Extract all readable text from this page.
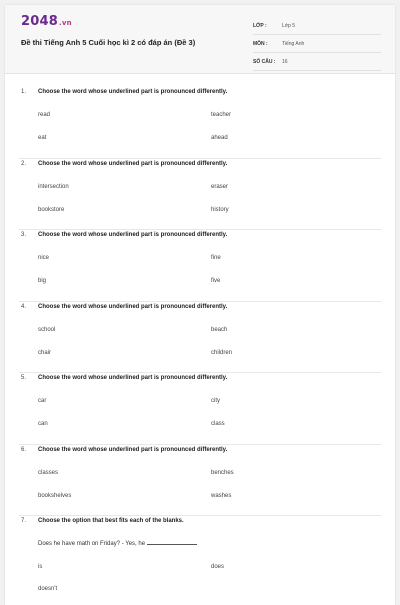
2048.vn
Đề thi Tiếng Anh 5 Cuối học kì 2 có đáp án (Đề 3)
LỚP :	Lớp 5
MÔN :	Tiếng Anh
SỐ CÂU :	16
1. Choose the word whose underlined part is pronounced differently.
read	teacher
eat	ahead
2. Choose the word whose underlined part is pronounced differently.
intersection	eraser
bookstore	history
3. Choose the word whose underlined part is pronounced differently.
nice	fine
big	five
4. Choose the word whose underlined part is pronounced differently.
school	beach
chair	children
5. Choose the word whose underlined part is pronounced differently.
car	city
can	class
6. Choose the word whose underlined part is pronounced differently.
classes	benches
bookshelves	washes
7. Choose the option that best fits each of the blanks.
Does he have math on Friday? - Yes, he
is	does
doesn't
